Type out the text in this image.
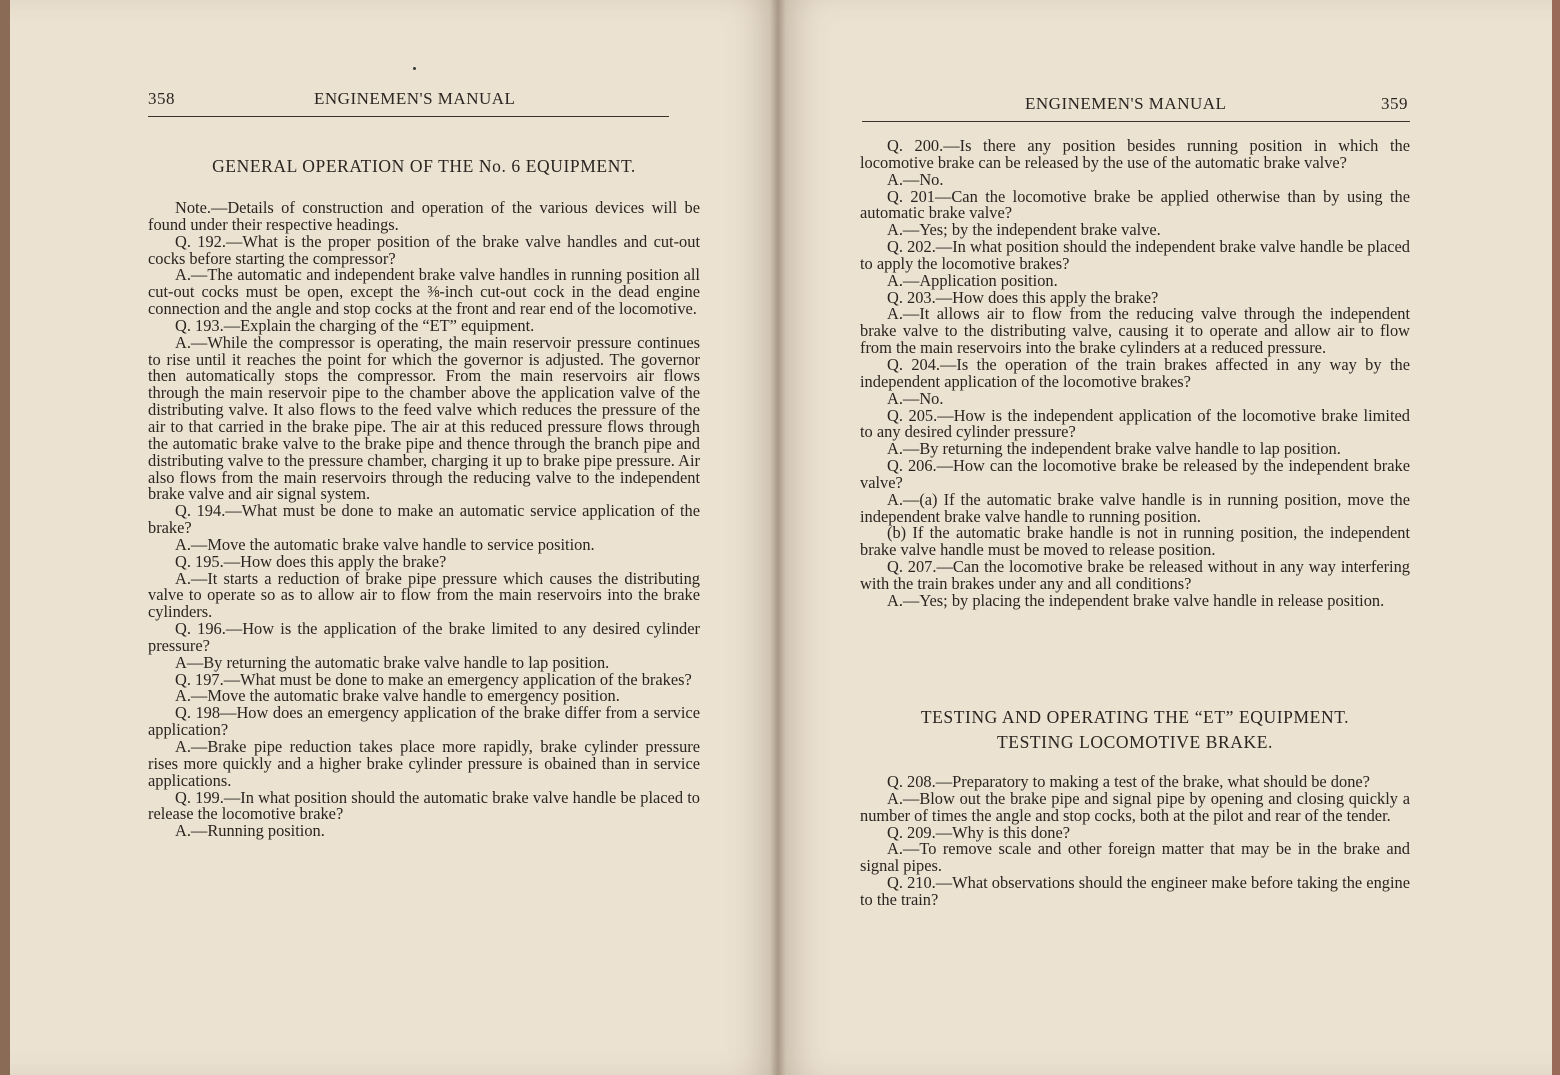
358	ENGINEMEN'S MANUAL
GENERAL OPERATION OF THE No. 6 EQUIPMENT.

Note.—Details of construction and operation of the various devices will be found under their respective headings.

Q. 192.—What is the proper position of the brake valve handles and cut-out cocks before starting the compressor?

A.—The automatic and independent brake valve handles in running position all cut-out cocks must be open, except the ⅜-inch cut-out cock in the dead engine connection and the angle and stop cocks at the front and rear end of the locomotive.

Q. 193.—Explain the charging of the “ET” equipment.

A.—While the compressor is operating, the main reservoir pressure continues to rise until it reaches the point for which the governor is adjusted. The governor then automatically stops the compressor. From the main reservoirs air flows through the main reservoir pipe to the chamber above the application valve of the distributing valve. It also flows to the feed valve which reduces the pressure of the air to that carried in the brake pipe. The air at this reduced pressure flows through the automatic brake valve to the brake pipe and thence through the branch pipe and distributing valve to the pressure chamber, charging it up to brake pipe pressure. Air also flows from the main reservoirs through the reducing valve to the independent brake valve and air signal system.

Q. 194.—What must be done to make an automatic service application of the brake?

A.—Move the automatic brake valve handle to service position.

Q. 195.—How does this apply the brake?

A.—It starts a reduction of brake pipe pressure which causes the distributing valve to operate so as to allow air to flow from the main reservoirs into the brake cylinders.

Q. 196.—How is the application of the brake limited to any desired cylinder pressure?

A—By returning the automatic brake valve handle to lap position.

Q. 197.—What must be done to make an emergency application of the brakes?

A.—Move the automatic brake valve handle to emergency position.

Q. 198—How does an emergency application of the brake differ from a service application?

A.—Brake pipe reduction takes place more rapidly, brake cylinder pressure rises more quickly and a higher brake cylinder pressure is obained than in service applications.

Q. 199.—In what position should the automatic brake valve handle be placed to release the locomotive brake?

A.—Running position.

ENGINEMEN'S MANUAL	359

Q. 200.—Is there any position besides running position in which the locomotive brake can be released by the use of the automatic brake valve?

A.—No.

Q. 201—Can the locomotive brake be applied otherwise than by using the automatic brake valve?

A.—Yes; by the independent brake valve.

Q. 202.—In what position should the independent brake valve handle be placed to apply the locomotive brakes?

A.—Application position.

Q. 203.—How does this apply the brake?

A.—It allows air to flow from the reducing valve through the independent brake valve to the distributing valve, causing it to operate and allow air to flow from the main reservoirs into the brake cylinders at a reduced pressure.

Q. 204.—Is the operation of the train brakes affected in any way by the independent application of the locomotive brakes?

A.—No.

Q. 205.—How is the independent application of the locomotive brake limited to any desired cylinder pressure?

A.—By returning the independent brake valve handle to lap position.

Q. 206.—How can the locomotive brake be released by the independent brake valve?

A.—(a) If the automatic brake valve handle is in running position, move the independent brake valve handle to running position.

(b) If the automatic brake handle is not in running position, the independent brake valve handle must be moved to release position.

Q. 207.—Can the locomotive brake be released without in any way interfering with the train brakes under any and all conditions?

A.—Yes; by placing the independent brake valve handle in release position.

TESTING AND OPERATING THE “ET” EQUIPMENT.
TESTING LOCOMOTIVE BRAKE.

Q. 208.—Preparatory to making a test of the brake, what should be done?

A.—Blow out the brake pipe and signal pipe by opening and closing quickly a number of times the angle and stop cocks, both at the pilot and rear of the tender.

Q. 209.—Why is this done?

A.—To remove scale and other foreign matter that may be in the brake and signal pipes.

Q. 210.—What observations should the engineer make before taking the engine to the train?
